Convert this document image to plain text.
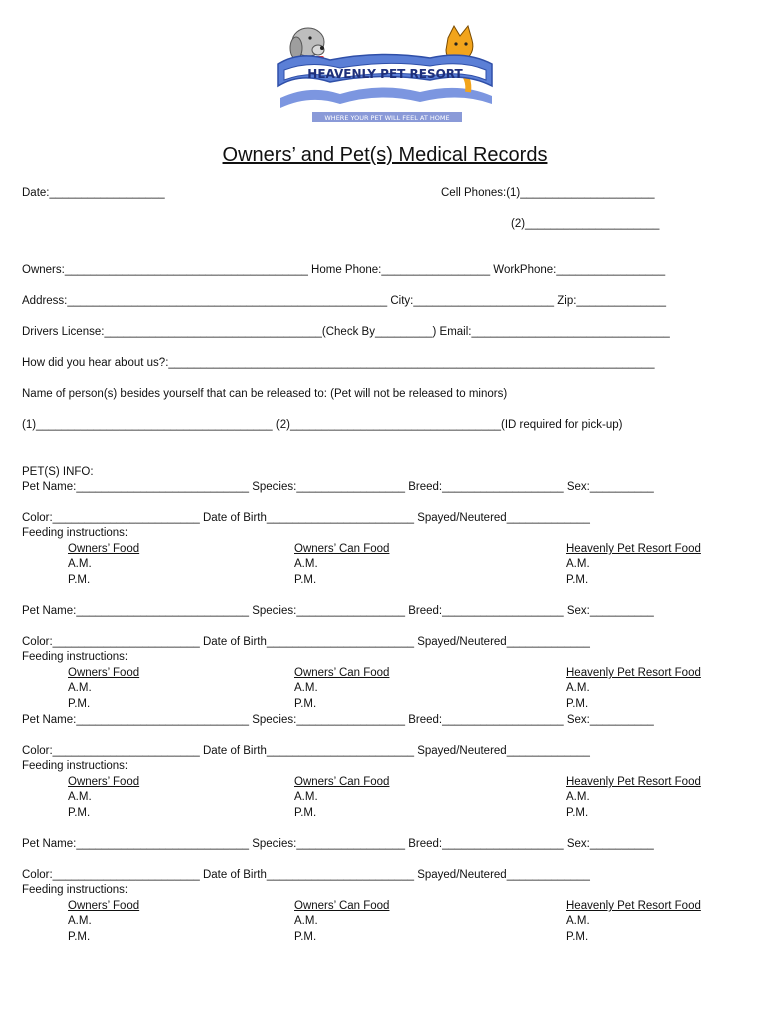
HEAVENLY PET RESORT
WHERE YOUR PET WILL FEEL AT HOME
Owners’ and Pet(s) Medical Records
Date:__________________	Cell Phones:(1)_____________________
(2)_____________________
Owners:______________________________________ Home Phone:_________________ WorkPhone:_________________
Address:__________________________________________________ City:______________________ Zip:______________
Drivers License:__________________________________(Check By_________) Email:_______________________________
How did you hear about us?:____________________________________________________________________________
Name of person(s) besides yourself that can be released to: (Pet will not be released to minors)
(1)_____________________________________ (2)_________________________________(ID required for pick-up)
PET(S) INFO:
Pet Name:___________________________ Species:_________________ Breed:___________________ Sex:__________
Color:_______________________ Date of Birth_______________________ Spayed/Neutered_____________
Feeding instructions:
Owners’ Food	Owners’ Can Food	Heavenly Pet Resort Food
A.M.	A.M.	A.M.
P.M.	P.M.	P.M.
Pet Name:___________________________ Species:_________________ Breed:___________________ Sex:__________
Color:_______________________ Date of Birth_______________________ Spayed/Neutered_____________
Feeding instructions:
Owners’ Food	Owners’ Can Food	Heavenly Pet Resort Food
A.M.	A.M.	A.M.
P.M.	P.M.	P.M.
Pet Name:___________________________ Species:_________________ Breed:___________________ Sex:__________
Color:_______________________ Date of Birth_______________________ Spayed/Neutered_____________
Feeding instructions:
Owners’ Food	Owners’ Can Food	Heavenly Pet Resort Food
A.M.	A.M.	A.M.
P.M.	P.M.	P.M.
Pet Name:___________________________ Species:_________________ Breed:___________________ Sex:__________
Color:_______________________ Date of Birth_______________________ Spayed/Neutered_____________
Feeding instructions:
Owners’ Food	Owners’ Can Food	Heavenly Pet Resort Food
A.M.	A.M.	A.M.
P.M.	P.M.	P.M.
